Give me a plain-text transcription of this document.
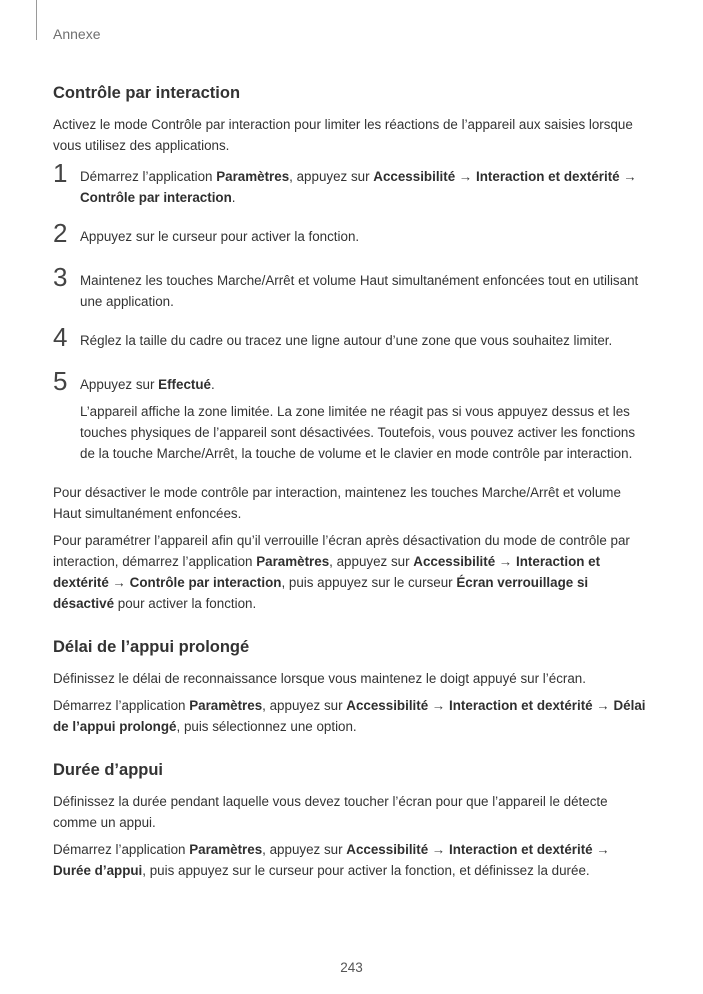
Annexe
Contrôle par interaction

Activez le mode Contrôle par interaction pour limiter les réactions de l’appareil aux saisies lorsque vous utilisez des applications.

1 Démarrez l’application Paramètres, appuyez sur Accessibilité → Interaction et dextérité → Contrôle par interaction.

2 Appuyez sur le curseur pour activer la fonction.

3 Maintenez les touches Marche/Arrêt et volume Haut simultanément enfoncées tout en utilisant une application.

4 Réglez la taille du cadre ou tracez une ligne autour d’une zone que vous souhaitez limiter.

5 Appuyez sur Effectué.

L’appareil affiche la zone limitée. La zone limitée ne réagit pas si vous appuyez dessus et les touches physiques de l’appareil sont désactivées. Toutefois, vous pouvez activer les fonctions de la touche Marche/Arrêt, la touche de volume et le clavier en mode contrôle par interaction.

Pour désactiver le mode contrôle par interaction, maintenez les touches Marche/Arrêt et volume Haut simultanément enfoncées.

Pour paramétrer l’appareil afin qu’il verrouille l’écran après désactivation du mode de contrôle par interaction, démarrez l’application Paramètres, appuyez sur Accessibilité → Interaction et dextérité → Contrôle par interaction, puis appuyez sur le curseur Écran verrouillage si désactivé pour activer la fonction.

Délai de l’appui prolongé

Définissez le délai de reconnaissance lorsque vous maintenez le doigt appuyé sur l’écran.

Démarrez l’application Paramètres, appuyez sur Accessibilité → Interaction et dextérité → Délai de l’appui prolongé, puis sélectionnez une option.

Durée d’appui

Définissez la durée pendant laquelle vous devez toucher l’écran pour que l’appareil le détecte comme un appui.

Démarrez l’application Paramètres, appuyez sur Accessibilité → Interaction et dextérité → Durée d’appui, puis appuyez sur le curseur pour activer la fonction, et définissez la durée.

243
